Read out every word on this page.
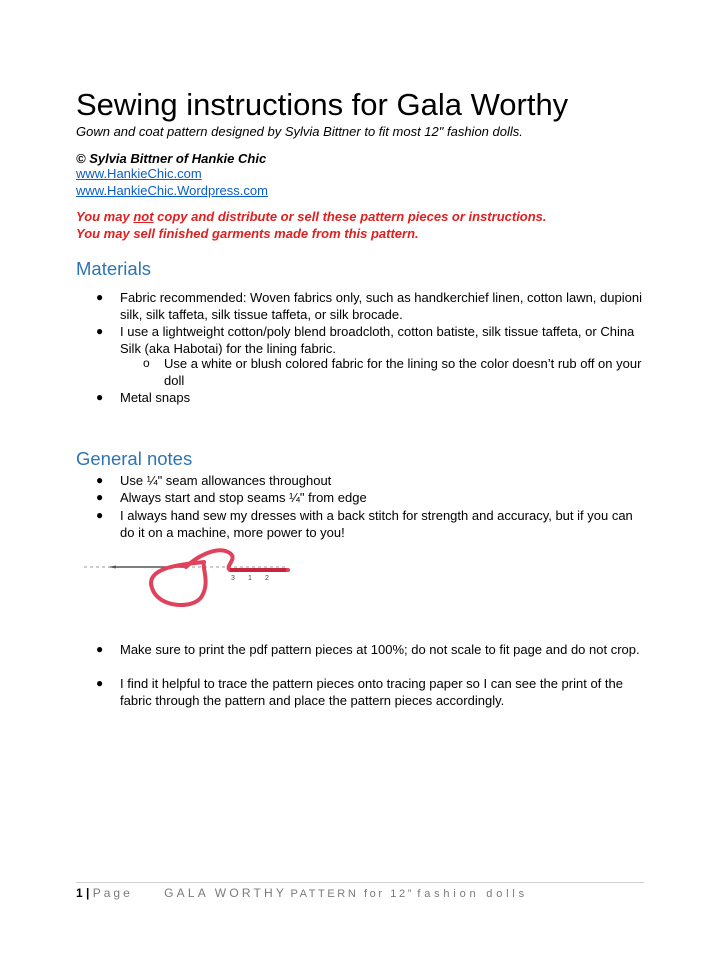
Sewing instructions for Gala Worthy
Gown and coat pattern designed by Sylvia Bittner to fit most 12" fashion dolls.
© Sylvia Bittner of Hankie Chic
www.HankieChic.com
www.HankieChic.Wordpress.com
You may not copy and distribute or sell these pattern pieces or instructions.
You may sell finished garments made from this pattern.
Materials
● Fabric recommended: Woven fabrics only, such as handkerchief linen, cotton lawn, dupioni silk, silk taffeta, silk tissue taffeta, or silk brocade.
● I use a lightweight cotton/poly blend broadcloth, cotton batiste, silk tissue taffeta, or China Silk (aka Habotai) for the lining fabric.
o Use a white or blush colored fabric for the lining so the color doesn’t rub off on your doll
● Metal snaps
General notes
● Use ¼" seam allowances throughout
● Always start and stop seams ¼" from edge
● I always hand sew my dresses with a back stitch for strength and accuracy, but if you can do it on a machine, more power to you!
3 1 2
● Make sure to print the pdf pattern pieces at 100%; do not scale to fit page and do not crop.
● I find it helpful to trace the pattern pieces onto tracing paper so I can see the print of the fabric through the pattern and place the pattern pieces accordingly.
1 | Page	GALA WORTHY PATTERN for 12” fashion dolls
